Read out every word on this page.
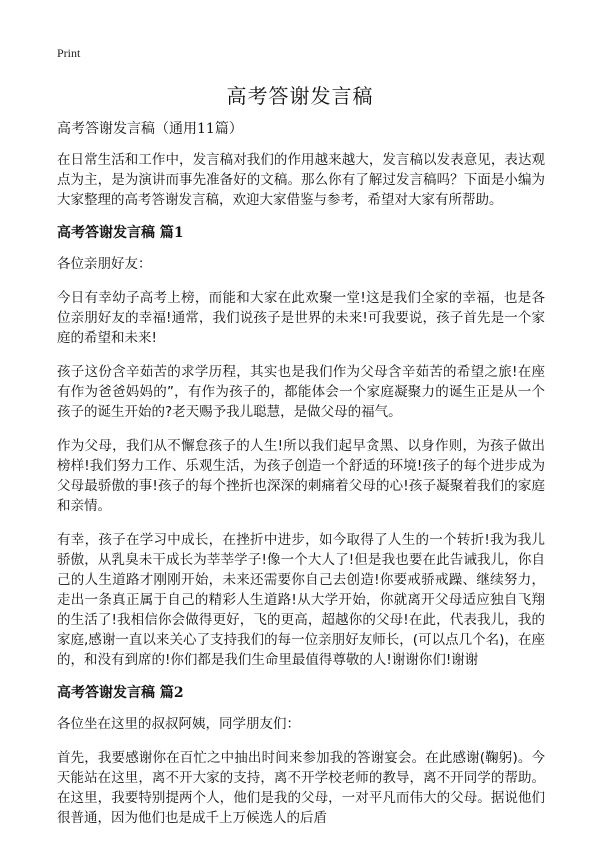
Print
高考答谢发言稿

高考答谢发言稿（通用11篇）

在日常生活和工作中，发言稿对我们的作用越来越大，发言稿以发表意见，表达观点为主，是为演讲而事先准备好的文稿。那么你有了解过发言稿吗？下面是小编为大家整理的高考答谢发言稿，欢迎大家借鉴与参考，希望对大家有所帮助。

高考答谢发言稿 篇1

各位亲朋好友：

今日有幸幼子高考上榜，而能和大家在此欢聚一堂!这是我们全家的幸福，也是各位亲朋好友的幸福!通常，我们说孩子是世界的未来!可我要说，孩子首先是一个家庭的希望和未来!

孩子这份含辛茹苦的求学历程，其实也是我们作为父母含辛茹苦的希望之旅!在座有作为爸爸妈妈的”，有作为孩子的，都能体会一个家庭凝聚力的诞生正是从一个孩子的诞生开始的?老天赐予我儿聪慧，是做父母的福气。

作为父母，我们从不懈怠孩子的人生!所以我们起早贪黑、以身作则，为孩子做出榜样!我们努力工作、乐观生活，为孩子创造一个舒适的环境!孩子的每个进步成为父母最骄傲的事!孩子的每个挫折也深深的刺痛着父母的心!孩子凝聚着我们的家庭和亲情。

有幸，孩子在学习中成长，在挫折中进步，如今取得了人生的一个转折!我为我儿骄傲，从乳臭未干成长为莘莘学子!像一个大人了!但是我也要在此告诫我儿，你自己的人生道路才刚刚开始，未来还需要你自己去创造!你要戒骄戒躁、继续努力，走出一条真正属于自己的精彩人生道路!从大学开始，你就离开父母适应独自飞翔的生活了!我相信你会做得更好，飞的更高，超越你的父母!在此，代表我儿，我的家庭,感谢一直以来关心了支持我们的每一位亲朋好友师长，(可以点几个名)，在座的，和没有到席的!你们都是我们生命里最值得尊敬的人!谢谢你们!谢谢

高考答谢发言稿 篇2

各位坐在这里的叔叔阿姨，同学朋友们：

首先，我要感谢你在百忙之中抽出时间来参加我的答谢宴会。在此感谢(鞠躬)。今天能站在这里，离不开大家的支持，离不开学校老师的教导，离不开同学的帮助。在这里，我要特别提两个人，他们是我的父母，一对平凡而伟大的父母。据说他们很普通，因为他们也是成千上万候选人的后盾
